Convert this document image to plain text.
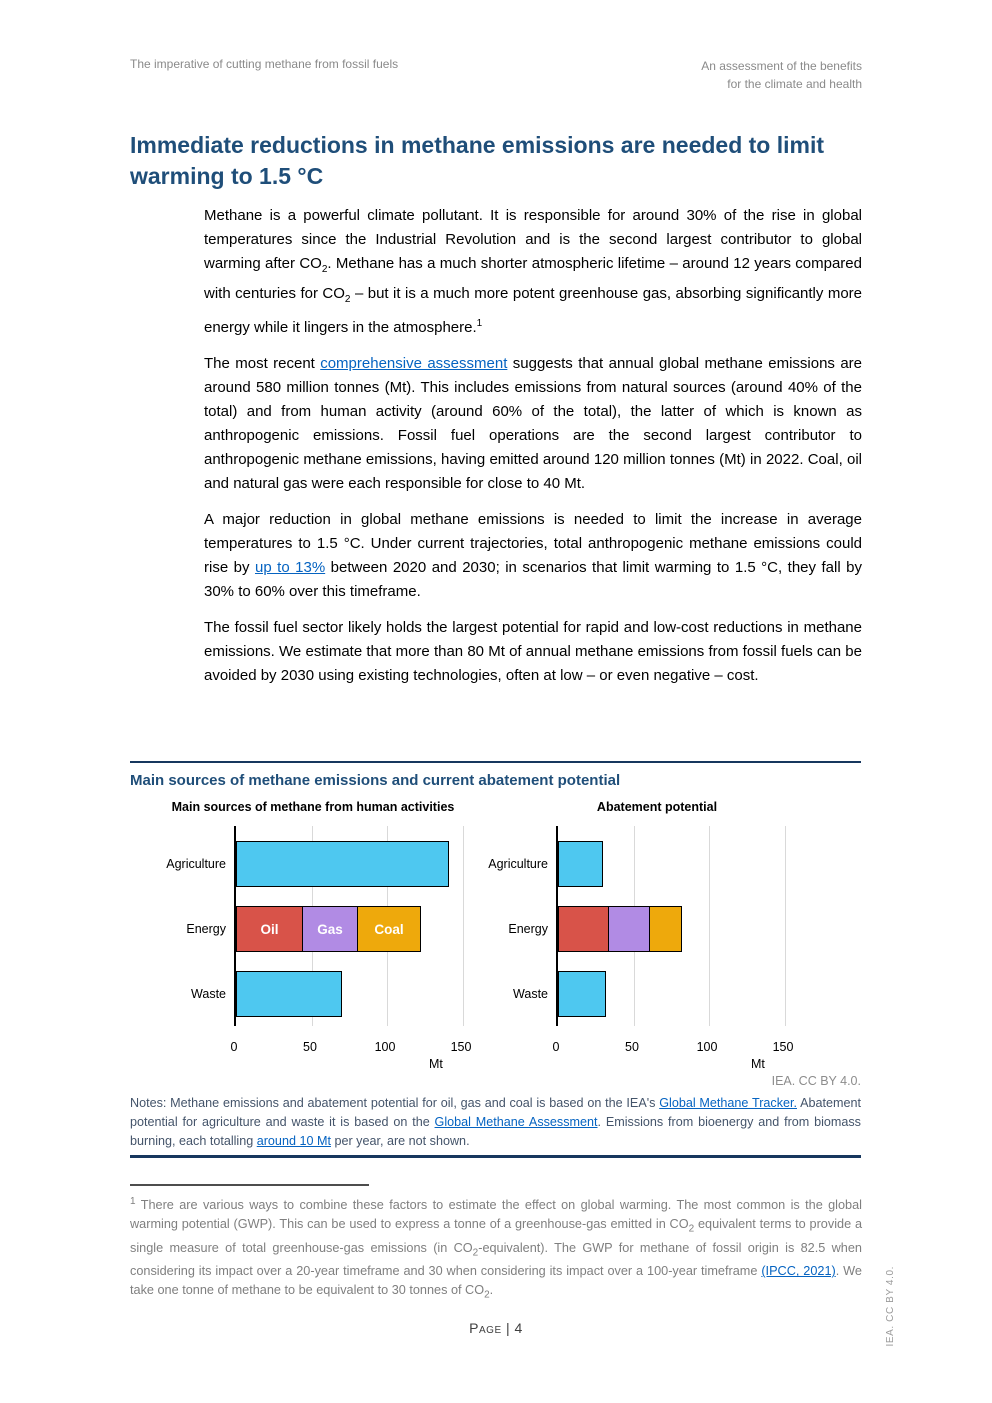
The imperative of cutting methane from fossil fuels	An assessment of the benefits
for the climate and health
Immediate reductions in methane emissions are needed to limit warming to 1.5 °C

Methane is a powerful climate pollutant. It is responsible for around 30% of the rise in global temperatures since the Industrial Revolution and is the second largest contributor to global warming after $CO_2$. Methane has a much shorter atmospheric lifetime – around 12 years compared with centuries for $CO_2$ – but it is a much more potent greenhouse gas, absorbing significantly more energy while it lingers in the atmosphere.$^1$

The most recent comprehensive assessment suggests that annual global methane emissions are around 580 million tonnes (Mt). This includes emissions from natural sources (around 40% of the total) and from human activity (around 60% of the total), the latter of which is known as anthropogenic emissions. Fossil fuel operations are the second largest contributor to anthropogenic methane emissions, having emitted around 120 million tonnes (Mt) in 2022. Coal, oil and natural gas were each responsible for close to 40 Mt.

A major reduction in global methane emissions is needed to limit the increase in average temperatures to 1.5 °C. Under current trajectories, total anthropogenic methane emissions could rise by up to 13% between 2020 and 2030; in scenarios that limit warming to 1.5 °C, they fall by 30% to 60% over this timeframe.

The fossil fuel sector likely holds the largest potential for rapid and low-cost reductions in methane emissions. We estimate that more than 80 Mt of annual methane emissions from fossil fuels can be avoided by 2030 using existing technologies, often at low – or even negative – cost.

Main sources of methane emissions and current abatement potential
Main sources of methane from human activities
Agriculture
Energy
Waste
Oil	Gas	Coal
0	50	100	150
Mt
Abatement potential
Agriculture
Energy
Waste
0	50	100	150
Mt
IEA. CC BY 4.0.
Notes: Methane emissions and abatement potential for oil, gas and coal is based on the IEA's Global Methane Tracker. Abatement potential for agriculture and waste it is based on the Global Methane Assessment. Emissions from bioenergy and from biomass burning, each totalling around 10 Mt per year, are not shown.
$^1$ There are various ways to combine these factors to estimate the effect on global warming. The most common is the global warming potential (GWP). This can be used to express a tonne of a greenhouse-gas emitted in $CO_2$ equivalent terms to provide a single measure of total greenhouse-gas emissions (in $CO_2-equivalent$). The GWP for methane of fossil origin is 82.5 when considering its impact over a 20-year timeframe and 30 when considering its impact over a 100-year timeframe (IPCC, 2021). We take one tonne of methane to be equivalent to 30 tonnes of $CO_2$.
Page | 4	IEA. CC BY 4.0.
